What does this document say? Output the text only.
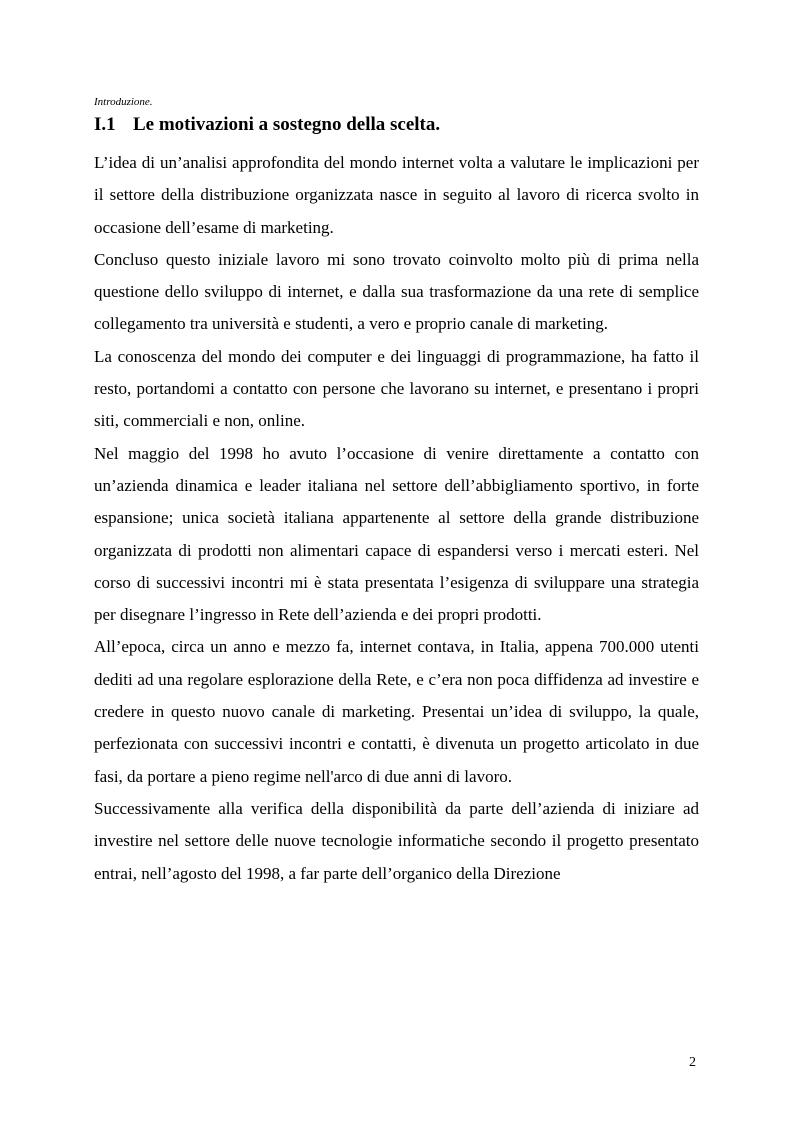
Introduzione.

I.1 Le motivazioni a sostegno della scelta.

L’idea di un’analisi approfondita del mondo internet volta a valutare le implicazioni per il settore della distribuzione organizzata nasce in seguito al lavoro di ricerca svolto in occasione dell’esame di marketing.

Concluso questo iniziale lavoro mi sono trovato coinvolto molto più di prima nella questione dello sviluppo di internet, e dalla sua trasformazione da una rete di semplice collegamento tra università e studenti, a vero e proprio canale di marketing.

La conoscenza del mondo dei computer e dei linguaggi di programmazione, ha fatto il resto, portandomi a contatto con persone che lavorano su internet, e presentano i propri siti, commerciali e non, online.

Nel maggio del 1998 ho avuto l’occasione di venire direttamente a contatto con un’azienda dinamica e leader italiana nel settore dell’abbigliamento sportivo, in forte espansione; unica società italiana appartenente al settore della grande distribuzione organizzata di prodotti non alimentari capace di espandersi verso i mercati esteri. Nel corso di successivi incontri mi è stata presentata l’esigenza di sviluppare una strategia per disegnare l’ingresso in Rete dell’azienda e dei propri prodotti.

All’epoca, circa un anno e mezzo fa, internet contava, in Italia, appena 700.000 utenti dediti ad una regolare esplorazione della Rete, e c’era non poca diffidenza ad investire e credere in questo nuovo canale di marketing. Presentai un’idea di sviluppo, la quale, perfezionata con successivi incontri e contatti, è divenuta un progetto articolato in due fasi, da portare a pieno regime nell'arco di due anni di lavoro.

Successivamente alla verifica della disponibilità da parte dell’azienda di iniziare ad investire nel settore delle nuove tecnologie informatiche secondo il progetto presentato entrai, nell’agosto del 1998, a far parte dell’organico della Direzione

2
